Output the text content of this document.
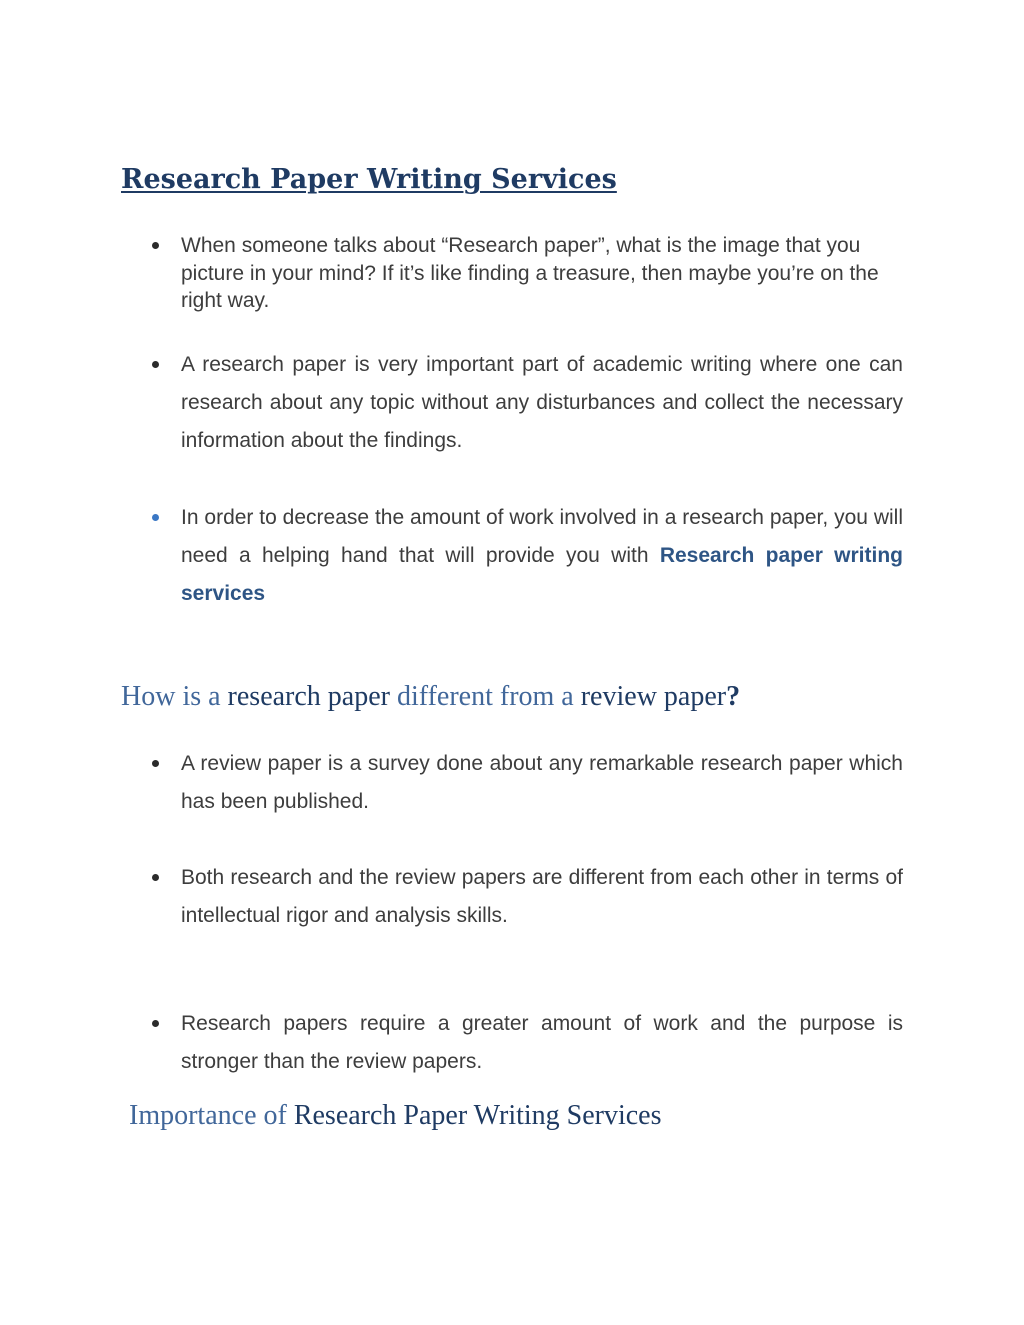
Research Paper Writing Services

When someone talks about “Research paper”, what is the image that you picture in your mind? If it’s like finding a treasure, then maybe you’re on the right way.

A research paper is very important part of academic writing where one can research about any topic without any disturbances and collect the necessary information about the findings.

In order to decrease the amount of work involved in a research paper, you will need a helping hand that will provide you with Research paper writing services

How is a research paper different from a review paper?

A review paper is a survey done about any remarkable research paper which has been published.

Both research and the review papers are different from each other in terms of intellectual rigor and analysis skills.

Research papers require a greater amount of work and the purpose is stronger than the review papers.

Importance of Research Paper Writing Services
